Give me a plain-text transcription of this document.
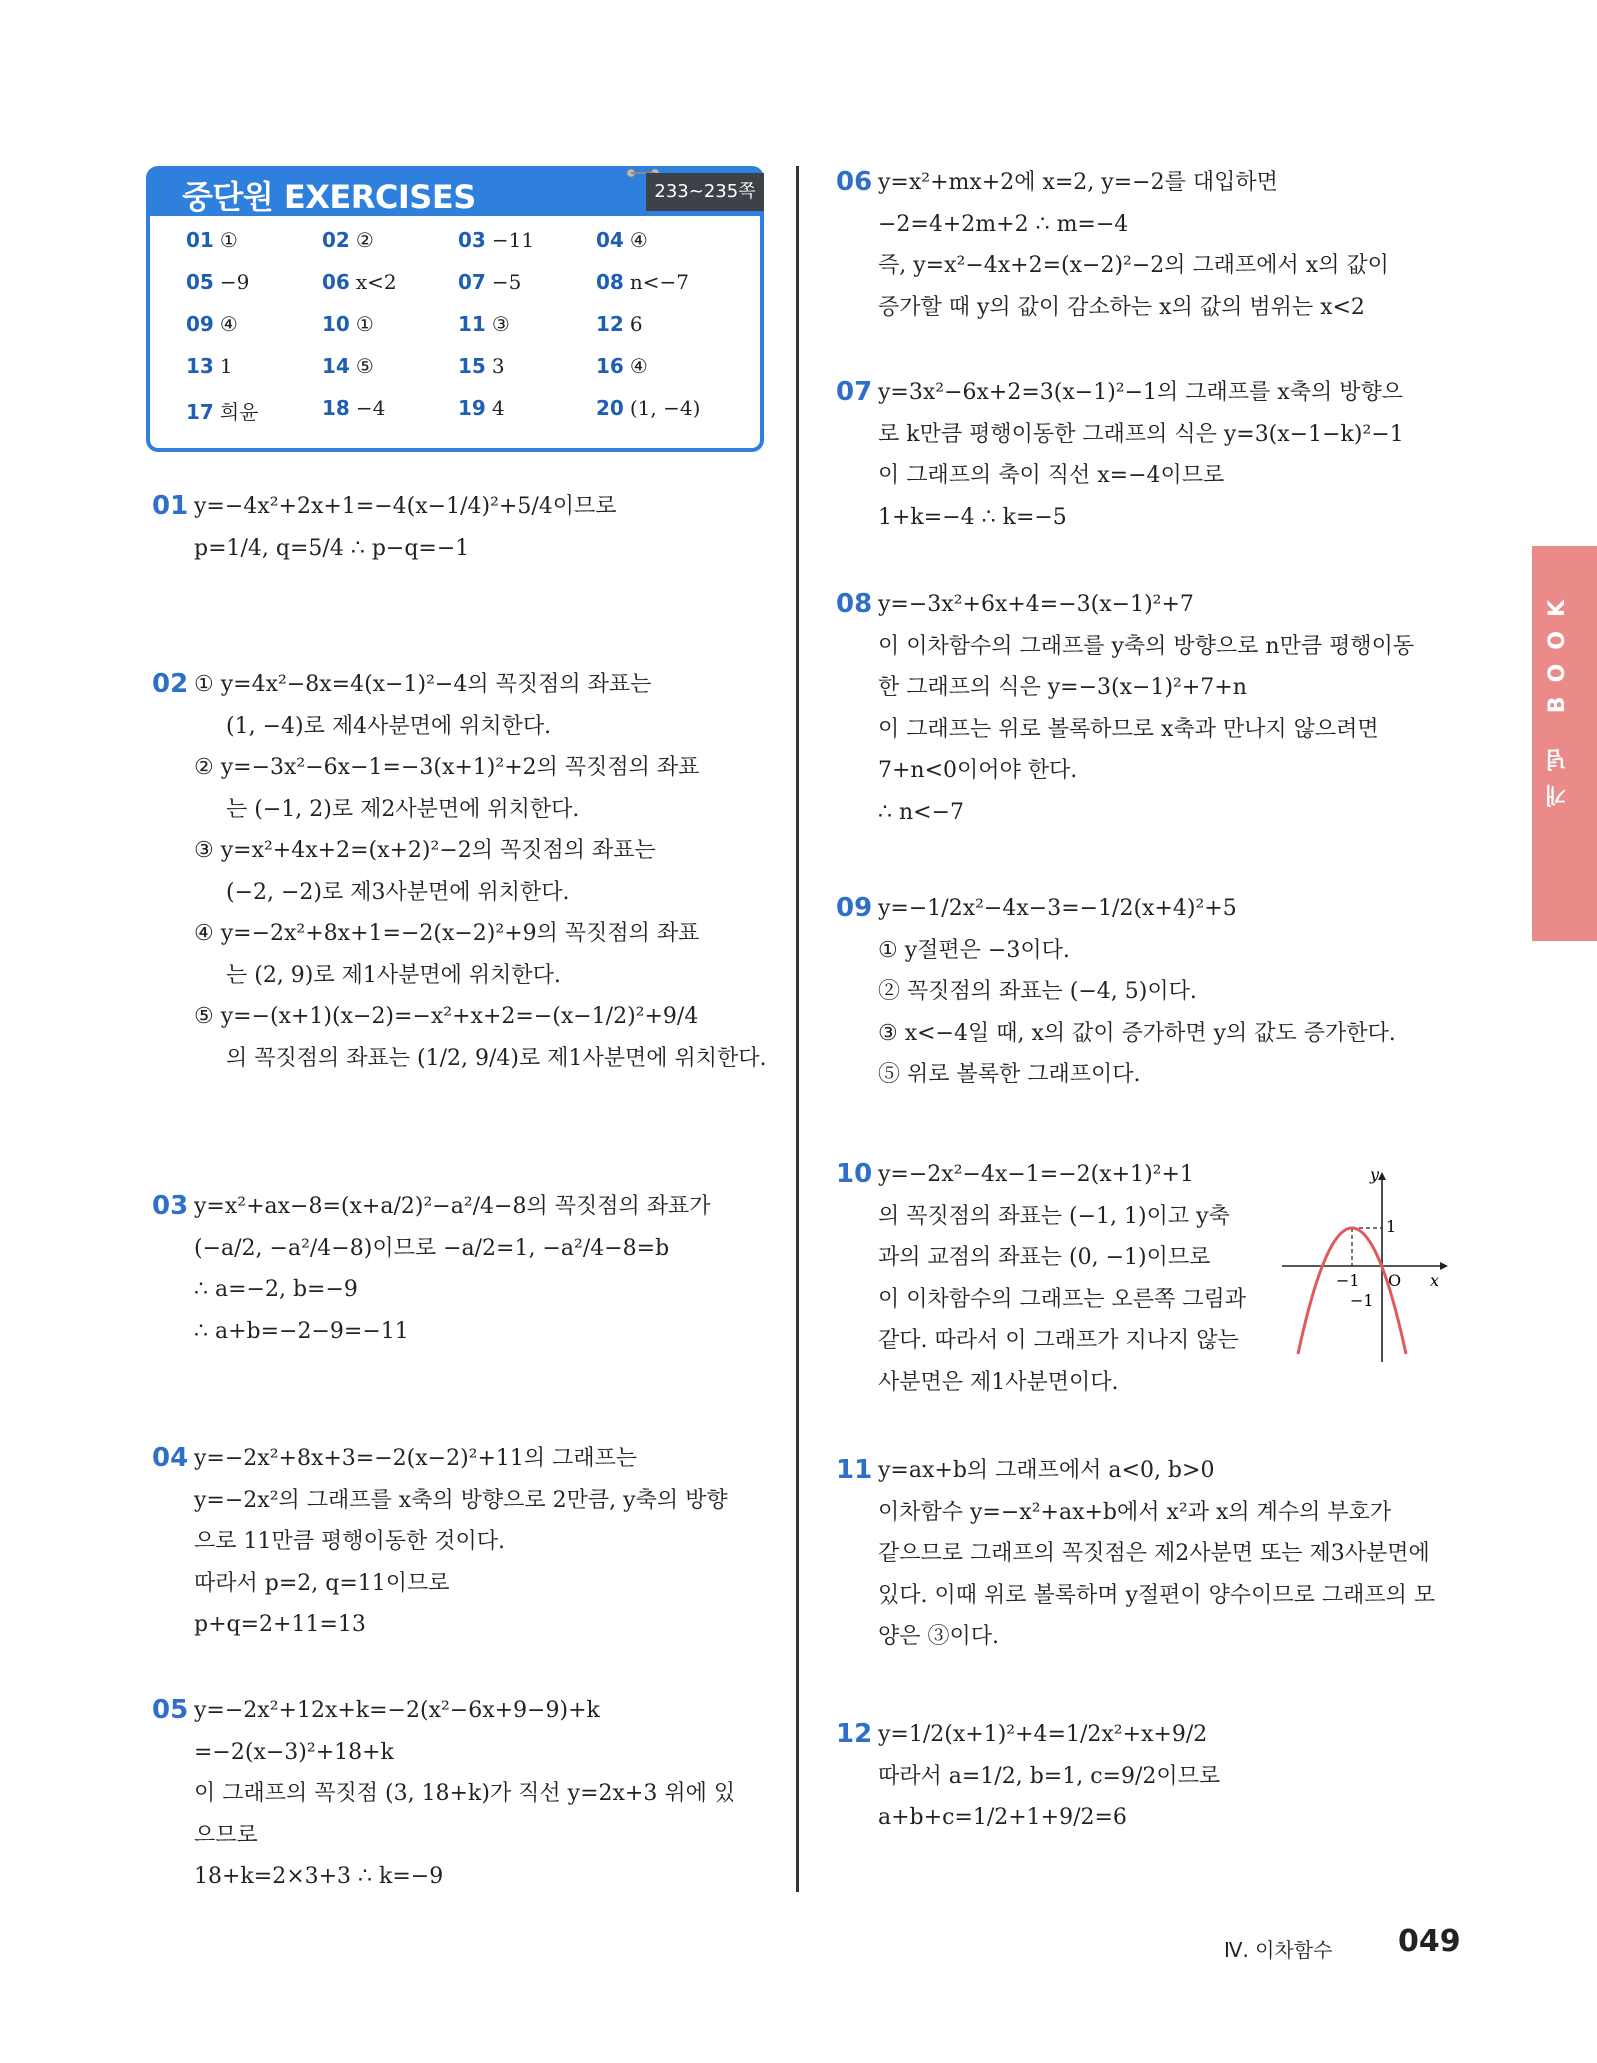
중단원 EXERCISES	233~235쪽
01 ①	02 ②	03 −11	04 ④
05 −9	06 x<2	07 −5	08 n<−7
09 ④	10 ①	11 ③	12 6
13 1	14 ⑤	15 3	16 ④
17 희윤	18 −4	19 4	20 (1, −4)
01 y=−4x²+2x+1=−4(x−1/4)²+5/4이므로
p=1/4, q=5/4 ∴ p−q=−1
02 ① y=4x²−8x=4(x−1)²−4의 꼭짓점의 좌표는
(1, −4)로 제4사분면에 위치한다.
② y=−3x²−6x−1=−3(x+1)²+2의 꼭짓점의 좌표
는 (−1, 2)로 제2사분면에 위치한다.
③ y=x²+4x+2=(x+2)²−2의 꼭짓점의 좌표는
(−2, −2)로 제3사분면에 위치한다.
④ y=−2x²+8x+1=−2(x−2)²+9의 꼭짓점의 좌표
는 (2, 9)로 제1사분면에 위치한다.
⑤ y=−(x+1)(x−2)=−x²+x+2=−(x−1/2)²+9/4
의 꼭짓점의 좌표는 (1/2, 9/4)로 제1사분면에 위치한다.
03 y=x²+ax−8=(x+a/2)²−a²/4−8의 꼭짓점의 좌표가
(−a/2, −a²/4−8)이므로 −a/2=1, −a²/4−8=b
∴ a=−2, b=−9
∴ a+b=−2−9=−11
04 y=−2x²+8x+3=−2(x−2)²+11의 그래프는
y=−2x²의 그래프를 x축의 방향으로 2만큼, y축의 방향
으로 11만큼 평행이동한 것이다.
따라서 p=2, q=11이므로
p+q=2+11=13
05 y=−2x²+12x+k=−2(x²−6x+9−9)+k
=−2(x−3)²+18+k
이 그래프의 꼭짓점 (3, 18+k)가 직선 y=2x+3 위에 있
으므로
18+k=2×3+3 ∴ k=−9
06 y=x²+mx+2에 x=2, y=−2를 대입하면
−2=4+2m+2 ∴ m=−4
즉, y=x²−4x+2=(x−2)²−2의 그래프에서 x의 값이
증가할 때 y의 값이 감소하는 x의 값의 범위는 x<2
07 y=3x²−6x+2=3(x−1)²−1의 그래프를 x축의 방향으
로 k만큼 평행이동한 그래프의 식은 y=3(x−1−k)²−1
이 그래프의 축이 직선 x=−4이므로
1+k=−4 ∴ k=−5
08 y=−3x²+6x+4=−3(x−1)²+7
이 이차함수의 그래프를 y축의 방향으로 n만큼 평행이동
한 그래프의 식은 y=−3(x−1)²+7+n
이 그래프는 위로 볼록하므로 x축과 만나지 않으려면
7+n<0이어야 한다.
∴ n<−7
09 y=−1/2x²−4x−3=−1/2(x+4)²+5
① y절편은 −3이다.
② 꼭짓점의 좌표는 (−4, 5)이다.
③ x<−4일 때, x의 값이 증가하면 y의 값도 증가한다.
⑤ 위로 볼록한 그래프이다.
10 y=−2x²−4x−1=−2(x+1)²+1
의 꼭짓점의 좌표는 (−1, 1)이고 y축
과의 교점의 좌표는 (0, −1)이므로
이 이차함수의 그래프는 오른쪽 그림과
같다. 따라서 이 그래프가 지나지 않는
사분면은 제1사분면이다.
11 y=ax+b의 그래프에서 a<0, b>0
이차함수 y=−x²+ax+b에서 x²과 x의 계수의 부호가
같으므로 그래프의 꼭짓점은 제2사분면 또는 제3사분면에
있다. 이때 위로 볼록하며 y절편이 양수이므로 그래프의 모
양은 ③이다.
12 y=1/2(x+1)²+4=1/2x²+x+9/2
따라서 a=1/2, b=1, c=9/2이므로
a+b+c=1/2+1+9/2=6
y
x
O
1
−1
−1
개념 BOOK
Ⅳ. 이차함수 049
